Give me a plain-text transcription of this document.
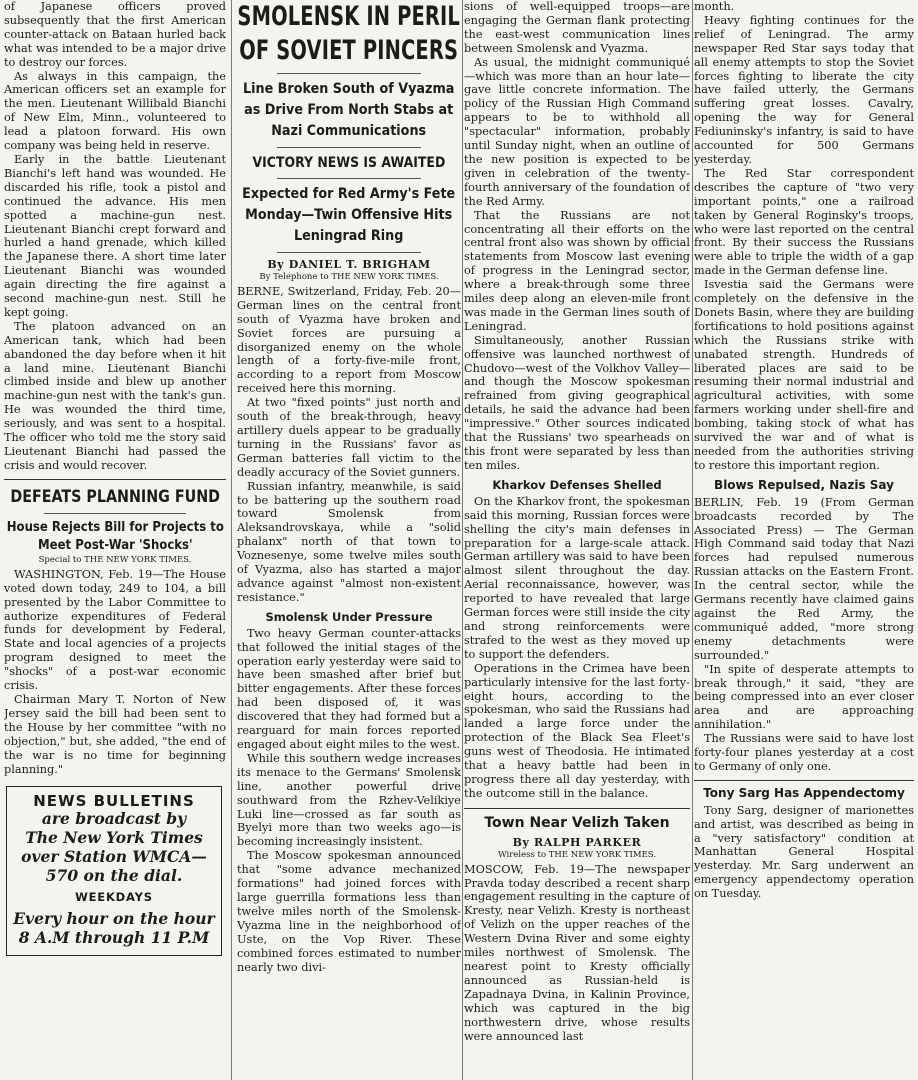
of Japanese officers proved subsequently that the first American counter-attack on Bataan hurled back what was intended to be a major drive to destroy our forces.

As always in this campaign, the American officers set an example for the men. Lieutenant Willibald Bianchi of New Elm, Minn., volunteered to lead a platoon forward. His own company was being held in reserve.

Early in the battle Lieutenant Bianchi's left hand was wounded. He discarded his rifle, took a pistol and continued the advance. His men spotted a machine-gun nest. Lieutenant Bianchi crept forward and hurled a hand grenade, which killed the Japanese there. A short time later Lieutenant Bianchi was wounded again directing the fire against a second machine-gun nest. Still he kept going.

The platoon advanced on an American tank, which had been abandoned the day before when it hit a land mine. Lieutenant Bianchi climbed inside and blew up another machine-gun nest with the tank's gun. He was wounded the third time, seriously, and was sent to a hospital. The officer who told me the story said Lieutenant Bianchi had passed the crisis and would recover.

DEFEATS PLANNING FUND
House Rejects Bill for Projects to Meet Post-War 'Shocks'
Special to THE NEW YORK TIMES.

WASHINGTON, Feb. 19—The House voted down today, 249 to 104, a bill presented by the Labor Committee to authorize expenditures of Federal funds for development by Federal, State and local agencies of a projects program designed to meet the "shocks" of a post-war economic crisis.

Chairman Mary T. Norton of New Jersey said the bill had been sent to the House by her committee "with no objection," but, she added, "the end of the war is no time for beginning planning."

NEWS BULLETINS
are broadcast by
The New York Times
over Station WMCA—
570 on the dial.
WEEKDAYS
Every hour on the hour
8 A.M through 11 P.M
SMOLENSK IN PERIL OF SOVIET PINCERS
Line Broken South of Vyazma as Drive From North Stabs at Nazi Communications
VICTORY NEWS IS AWAITED
Expected for Red Army's Fete Monday—Twin Offensive Hits Leningrad Ring
By DANIEL T. BRIGHAM
By Telephone to THE NEW YORK TIMES.

BERNE, Switzerland, Friday, Feb. 20—German lines on the central front south of Vyazma have broken and Soviet forces are pursuing a disorganized enemy on the whole length of a forty-five-mile front, according to a report from Moscow received here this morning.

At two "fixed points" just north and south of the break-through, heavy artillery duels appear to be gradually turning in the Russians' favor as German batteries fall victim to the deadly accuracy of the Soviet gunners.

Russian infantry, meanwhile, is said to be battering up the southern road toward Smolensk from Aleksandrovskaya, while a "solid phalanx" north of that town to Voznesenye, some twelve miles south of Vyazma, also has started a major advance against "almost non-existent resistance."

Smolensk Under Pressure

Two heavy German counter-attacks that followed the initial stages of the operation early yesterday were said to have been smashed after brief but bitter engagements. After these forces had been disposed of, it was discovered that they had formed but a rearguard for main forces reported engaged about eight miles to the west.

While this southern wedge increases its menace to the Germans' Smolensk line, another powerful drive southward from the Rzhev-Velikiye Luki line—crossed as far south as Byelyi more than two weeks ago—is becoming increasingly insistent.

The Moscow spokesman announced that "some advance mechanized formations" had joined forces with large guerrilla formations less than twelve miles north of the Smolensk-Vyazma line in the neighborhood of Uste, on the Vop River. These combined forces estimated to number nearly two divi-

sions of well-equipped troops—are engaging the German flank protecting the east-west communication lines between Smolensk and Vyazma.

As usual, the midnight communiqué—which was more than an hour late—gave little concrete information. The policy of the Russian High Command appears to be to withhold all "spectacular" information, probably until Sunday night, when an outline of the new position is expected to be given in celebration of the twenty-fourth anniversary of the foundation of the Red Army.

That the Russians are not concentrating all their efforts on the central front also was shown by official statements from Moscow last evening of progress in the Leningrad sector, where a break-through some three miles deep along an eleven-mile front was made in the German lines south of Leningrad.

Simultaneously, another Russian offensive was launched northwest of Chudovo—west of the Volkhov Valley—and though the Moscow spokesman refrained from giving geographical details, he said the advance had been "impressive." Other sources indicated that the Russians' two spearheads on this front were separated by less than ten miles.

Kharkov Defenses Shelled

On the Kharkov front, the spokesman said this morning, Russian forces were shelling the city's main defenses in preparation for a large-scale attack. German artillery was said to have been almost silent throughout the day. Aerial reconnaissance, however, was reported to have revealed that large German forces were still inside the city and strong reinforcements were strafed to the west as they moved up to support the defenders.

Operations in the Crimea have been particularly intensive for the last forty-eight hours, according to the spokesman, who said the Russians had landed a large force under the protection of the Black Sea Fleet's guns west of Theodosia. He intimated that a heavy battle had been in progress there all day yesterday, with the outcome still in the balance.

Town Near Velizh Taken
By RALPH PARKER
Wireless to THE NEW YORK TIMES.

MOSCOW, Feb. 19—The newspaper Pravda today described a recent sharp engagement resulting in the capture of Kresty, near Velizh. Kresty is northeast of Velizh on the upper reaches of the Western Dvina River and some eighty miles northwest of Smolensk. The nearest point to Kresty officially announced as Russian-held is Zapadnaya Dvina, in Kalinin Province, which was captured in the big northwestern drive, whose results were announced last

month.

Heavy fighting continues for the relief of Leningrad. The army newspaper Red Star says today that all enemy attempts to stop the Soviet forces fighting to liberate the city have failed utterly, the Germans suffering great losses. Cavalry, opening the way for General Fediuninsky's infantry, is said to have accounted for 500 Germans yesterday.

The Red Star correspondent describes the capture of "two very important points," one a railroad taken by General Roginsky's troops, who were last reported on the central front. By their success the Russians were able to triple the width of a gap made in the German defense line.

Isvestia said the Germans were completely on the defensive in the Donets Basin, where they are building fortifications to hold positions against which the Russians strike with unabated strength. Hundreds of liberated places are said to be resuming their normal industrial and agricultural activities, with some farmers working under shell-fire and bombing, taking stock of what has survived the war and of what is needed from the authorities striving to restore this important region.

Blows Repulsed, Nazis Say

BERLIN, Feb. 19 (From German broadcasts recorded by The Associated Press) — The German High Command said today that Nazi forces had repulsed numerous Russian attacks on the Eastern Front. In the central sector, while the Germans recently have claimed gains against the Red Army, the communiqué added, "more strong enemy detachments were surrounded."

"In spite of desperate attempts to break through," it said, "they are being compressed into an ever closer area and are approaching annihilation."

The Russians were said to have lost forty-four planes yesterday at a cost to Germany of only one.

Tony Sarg Has Appendectomy

Tony Sarg, designer of marionettes and artist, was described as being in a "very satisfactory" condition at Manhattan General Hospital yesterday. Mr. Sarg underwent an emergency appendectomy operation on Tuesday.
